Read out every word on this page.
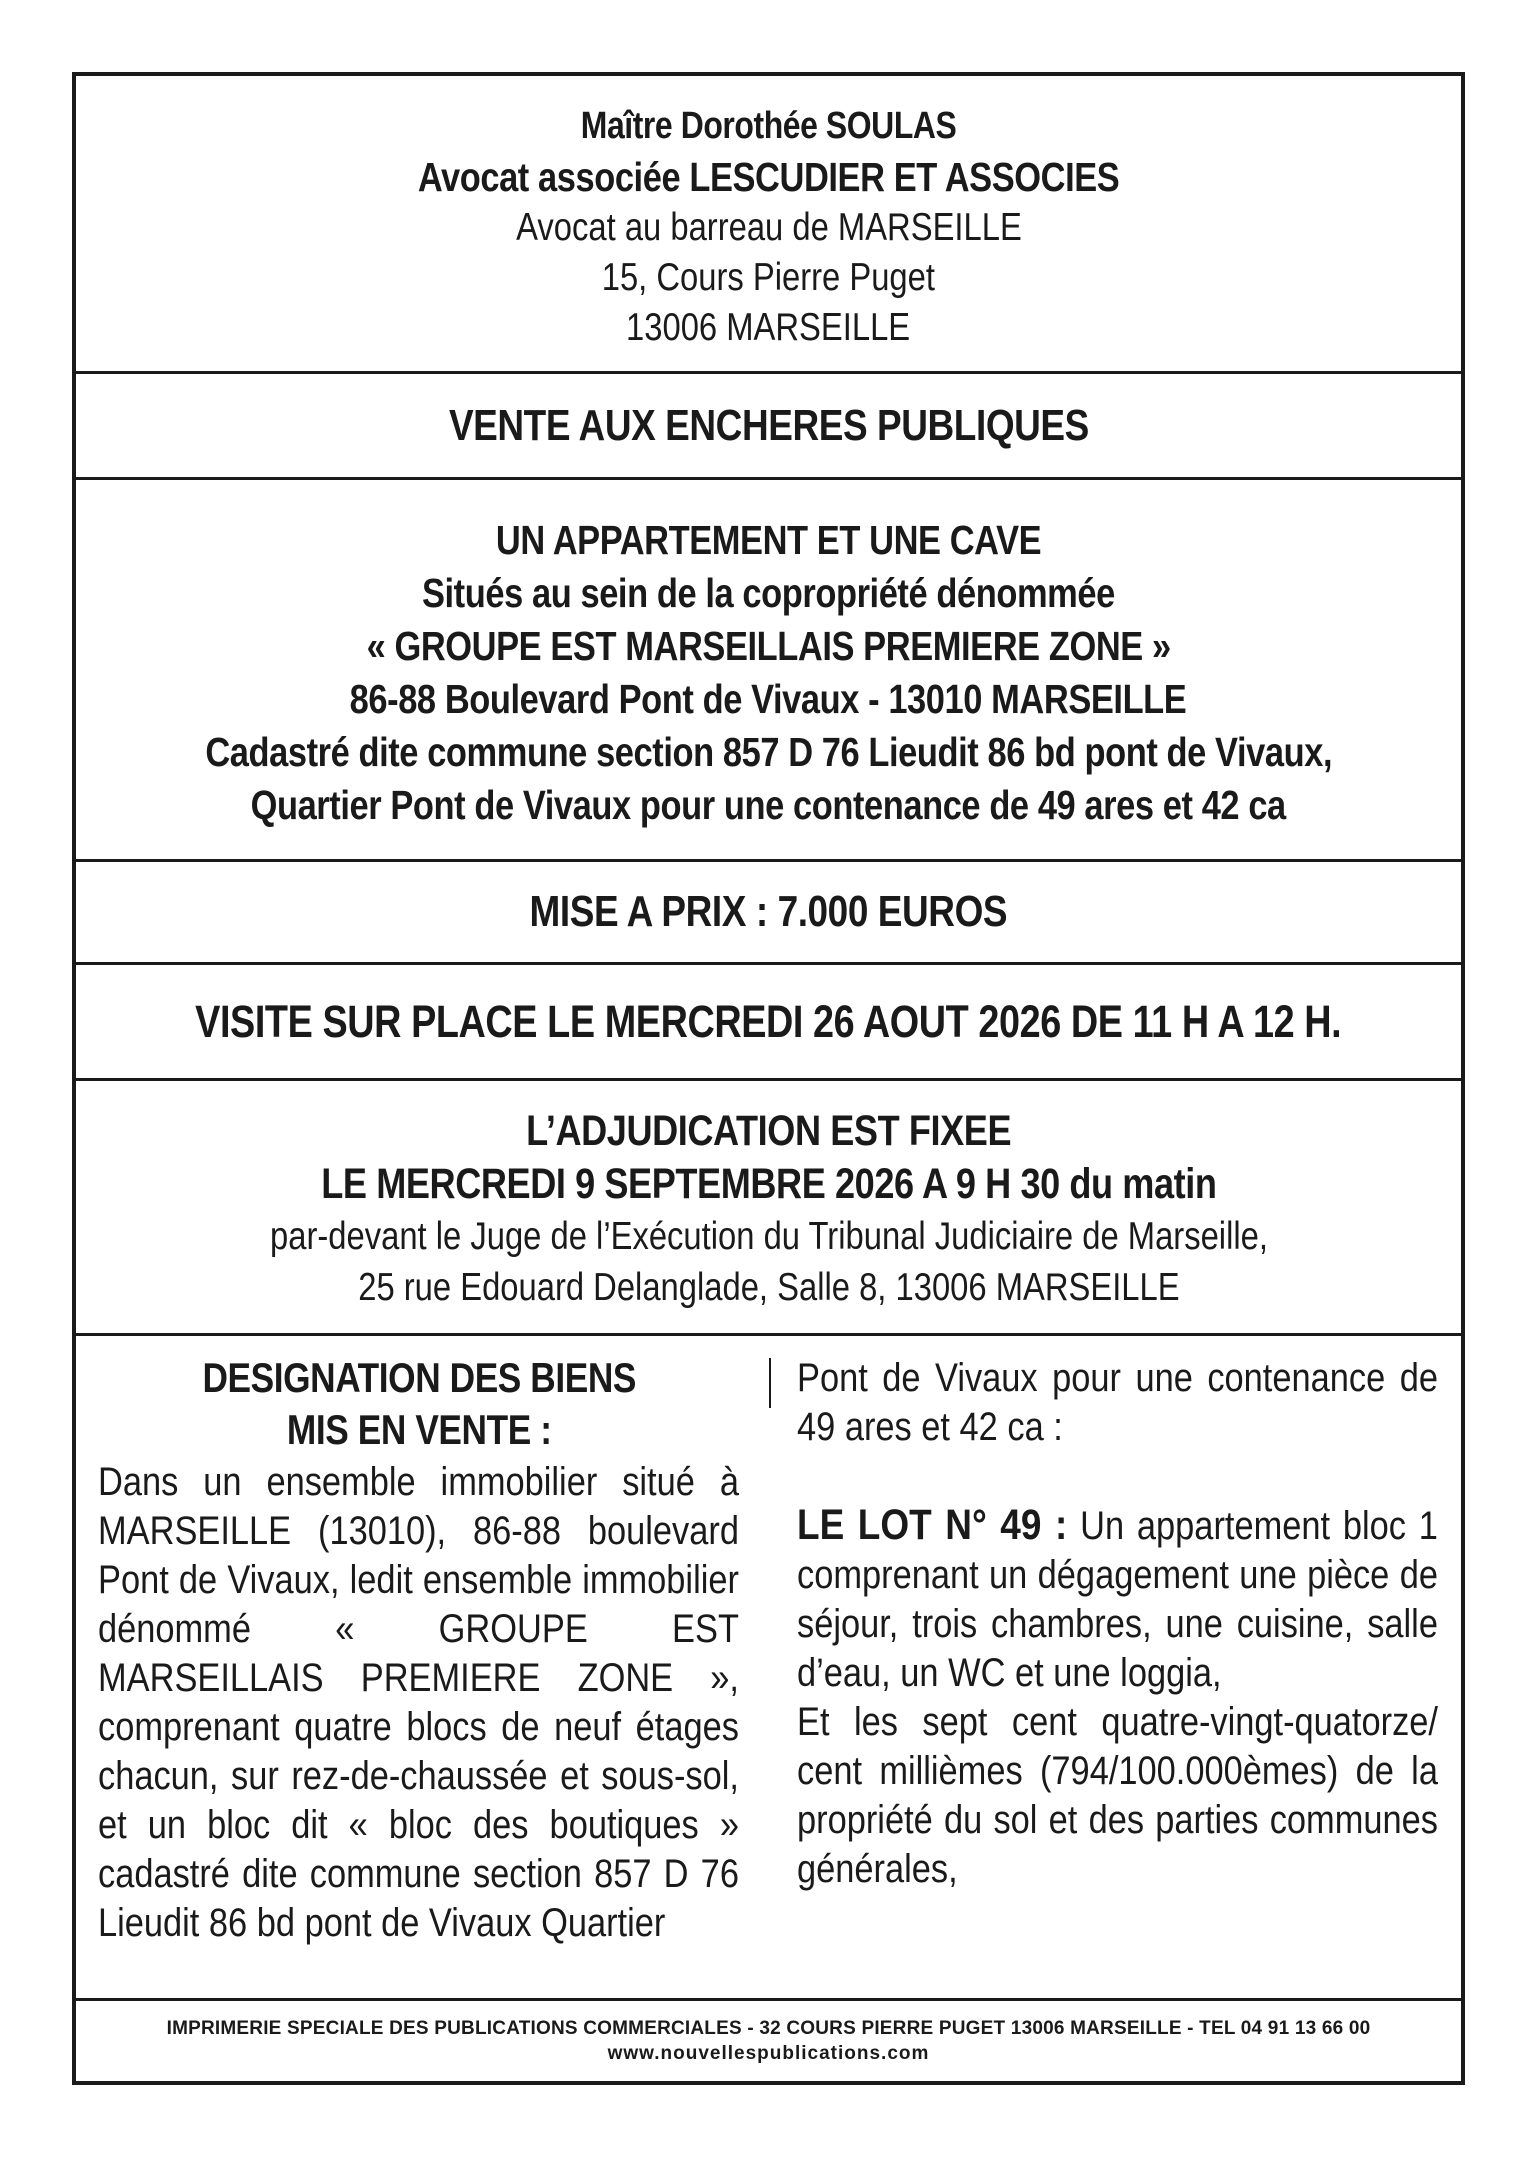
Maître Dorothée SOULAS

Avocat associée LESCUDIER ET ASSOCIES

Avocat au barreau de MARSEILLE

15, Cours Pierre Puget

13006 MARSEILLE

VENTE AUX ENCHERES PUBLIQUES

UN APPARTEMENT ET UNE CAVE

Situés au sein de la copropriété dénommée

« GROUPE EST MARSEILLAIS PREMIERE ZONE »

86-88 Boulevard Pont de Vivaux - 13010 MARSEILLE

Cadastré dite commune section 857 D 76 Lieudit 86 bd pont de Vivaux,

Quartier Pont de Vivaux pour une contenance de 49 ares et 42 ca

MISE A PRIX : 7.000 EUROS

VISITE SUR PLACE LE MERCREDI 26 AOUT 2026 DE 11 H A 12 H.

L’ADJUDICATION EST FIXEE

LE MERCREDI 9 SEPTEMBRE 2026 A 9 H 30 du matin

par-devant le Juge de l’Exécution du Tribunal Judiciaire de Marseille,

25 rue Edouard Delanglade, Salle 8, 13006 MARSEILLE

DESIGNATION DES BIENS
MIS EN VENTE :
Dans un ensemble immobilier situé à MARSEILLE (13010), 86-88 boulevard Pont de Vivaux, ledit ensemble immobilier dénommé « GROUPE EST MARSEILLAIS PREMIERE ZONE », comprenant quatre blocs de neuf étages chacun, sur rez-de-chaussée et sous-sol, et un bloc dit « bloc des boutiques » cadastré dite commune section 857 D 76 Lieudit 86 bd pont de Vivaux Quartier
Pont de Vivaux pour une contenance de 49 ares et 42 ca :
LE LOT N° 49 : Un appartement bloc 1 comprenant un dégagement une pièce de séjour, trois chambres, une cuisine, salle d’eau, un WC et une loggia,
Et les sept cent quatre-vingt-quatorze/ cent millièmes (794/100.000èmes) de la propriété du sol et des parties communes générales,

IMPRIMERIE SPECIALE DES PUBLICATIONS COMMERCIALES - 32 COURS PIERRE PUGET 13006 MARSEILLE - TEL 04 91 13 66 00

www.nouvellespublications.com
